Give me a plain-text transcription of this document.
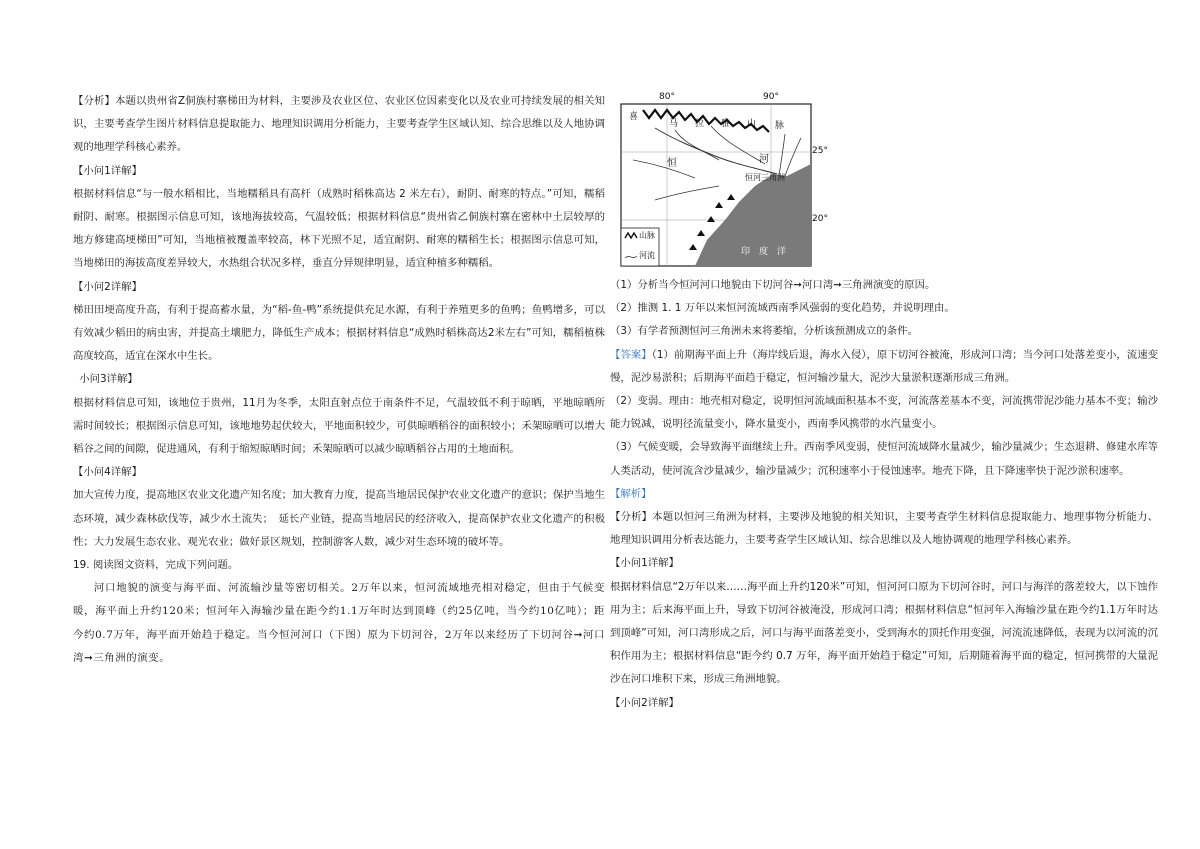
【分析】本题以贵州省Z侗族村寨梯田为材料，主要涉及农业区位、农业区位因素变化以及农业可持续发展的相关知识，主要考查学生图片材料信息提取能力、地理知识调用分析能力，主要考查学生区域认知、综合思维以及人地协调观的地理学科核心素养。

【小问1详解】

根据材料信息“与一般水稻相比，当地糯稻具有高杆（成熟时稻株高达 2 米左右），耐阴、耐寒的特点。”可知，糯稻耐阴、耐寒。根据图示信息可知，该地海拔较高，气温较低；根据材料信息“贵州省乙侗族村寨在密林中土层较厚的地方修建高埂梯田”可知，当地植被覆盖率较高，林下光照不足，适宜耐阴、耐寒的糯稻生长；根据图示信息可知，当地梯田的海拔高度差异较大，水热组合状况多样，垂直分异规律明显，适宜种植多种糯稻。

【小问2详解】

梯田田埂高度升高，有利于提高蓄水量，为“稻-鱼-鸭”系统提供充足水源，有利于养殖更多的鱼鸭；鱼鸭增多，可以有效减少稻田的病虫害，并提高土壤肥力，降低生产成本；根据材料信息“成熟时稻株高达2米左右”可知，糯稻植株高度较高，适宜在深水中生长。

小问3详解】

根据材料信息可知，该地位于贵州，11月为冬季，太阳直射点位于南条件不足，气温较低不利于晾晒，平地晾晒所需时间较长；根据图示信息可知，该地地势起伏较大，平地面积较少，可供晾晒稻谷的面积较小；禾架晾晒可以增大稻谷之间的间隙，促进通风，有利于缩短晾晒时间；禾架晾晒可以减少晾晒稻谷占用的土地面积。

【小问4详解】

加大宣传力度，提高地区农业文化遗产知名度；加大教育力度，提高当地居民保护农业文化遗产的意识；保护当地生态环境，减少森林砍伐等，减少水土流失；　延长产业链，提高当地居民的经济收入，提高保护农业文化遗产的积极性；大力发展生态农业、观光农业；做好景区规划，控制游客人数，减少对生态环境的破坏等。

19. 阅读图文资料，完成下列问题。

河口地貌的演变与海平面、河流输沙量等密切相关。2万年以来，恒河流域地壳相对稳定，但由于气候变暖，海平面上升约120米；恒河年入海输沙量在距今约1.1万年时达到顶峰（约25亿吨，当今约10亿吨）；距今约0.7万年，海平面开始趋于稳定。当今恒河河口（下图）原为下切河谷，2万年以来经历了下切河谷➞河口湾➞三角洲的演变。

80°	90°
25°
20°
喜
马 拉 雅 山 脉
恒	河
恒河三角洲
印　度　洋
山脉
河流

（1）分析当今恒河河口地貌由下切河谷➞河口湾➞三角洲演变的原因。

（2）推测 1. 1 万年以来恒河流域西南季风强弱的变化趋势，并说明理由。

（3）有学者预测恒河三角洲未来将萎缩，分析该预测成立的条件。

【答案】（1）前期海平面上升（海岸线后退，海水入侵），原下切河谷被淹，形成河口湾；当今河口处落差变小，流速变慢，泥沙易淤积；后期海平面趋于稳定，恒河输沙量大，泥沙大量淤积逐渐形成三角洲。

（2）变弱。理由：地壳相对稳定，说明恒河流域面积基本不变，河流落差基本不变，河流携带泥沙能力基本不变；输沙能力锐减，说明径流量变小，降水量变小，西南季风携带的水汽量变小。

（3）气候变暖，会导致海平面继续上升。西南季风变弱，使恒河流域降水量减少，输沙量减少；生态退耕、修建水库等人类活动，使河流含沙量减少，输沙量减少；沉积速率小于侵蚀速率。地壳下降，且下降速率快于泥沙淤积速率。

【解析】

【分析】本题以恒河三角洲为材料，主要涉及地貌的相关知识，主要考查学生材料信息提取能力、地理事物分析能力、地理知识调用分析表达能力，主要考查学生区域认知、综合思维以及人地协调观的地理学科核心素养。

【小问1详解】

根据材料信息“2万年以来……海平面上升约120米”可知，恒河河口原为下切河谷时，河口与海洋的落差较大，以下蚀作用为主；后来海平面上升，导致下切河谷被淹没，形成河口湾；根据材料信息“恒河年入海输沙量在距今约1.1万年时达到顶峰”可知，河口湾形成之后，河口与海平面落差变小，受到海水的顶托作用变强，河流流速降低，表现为以河流的沉积作用为主；根据材料信息“距今约 0.7 万年，海平面开始趋于稳定”可知，后期随着海平面的稳定，恒河携带的大量泥沙在河口堆积下来，形成三角洲地貌。

【小问2详解】
